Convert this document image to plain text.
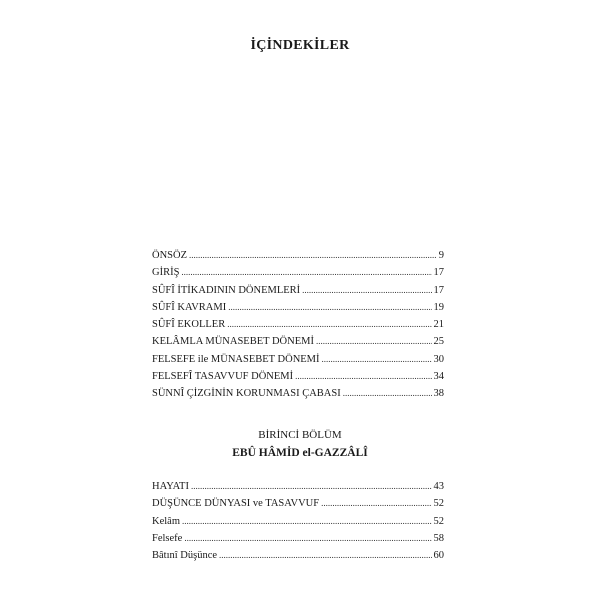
İÇİNDEKİLER
ÖNSÖZ .....	9
GİRİŞ .....	17
SÛFÎ İTİKADININ DÖNEMLERİ .....	17
SÛFÎ KAVRAMI .....	19
SÛFÎ EKOLLER .....	21
KELÂMLA MÜNASEBET DÖNEMİ .....	25
FELSEFE ile MÜNASEBET DÖNEMİ .....	30
FELSEFÎ TASAVVUF DÖNEMİ .....	34
SÜNNÎ ÇİZGİNİN KORUNMASI ÇABASI .....	38
BİRİNCİ BÖLÜM
EBÛ HÂMİD el-GAZZÂLÎ
HAYATI .....	43
DÜŞÜNCE DÜNYASI ve TASAVVUF .....	52
Kelâm .....	52
Felsefe .....	58
Bâtınî Düşünce .....	60
